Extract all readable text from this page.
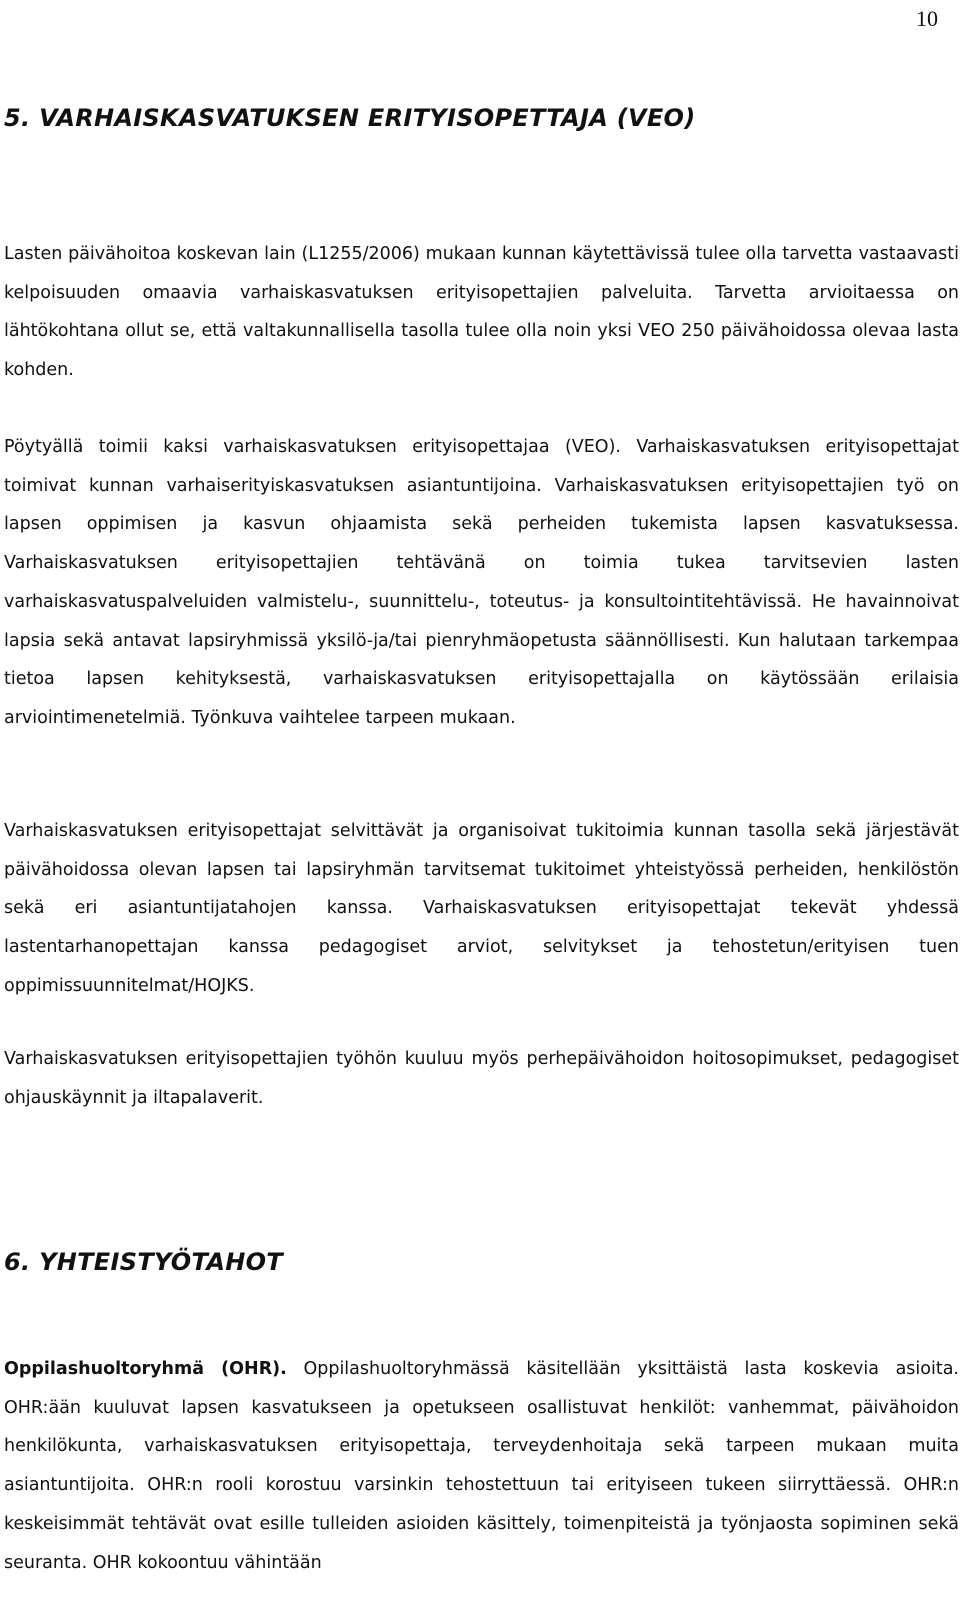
10
5. VARHAISKASVATUKSEN ERITYISOPETTAJA (VEO)

Lasten päivähoitoa koskevan lain (L1255/2006) mukaan kunnan käytettävissä tulee olla tarvetta vastaavasti kelpoisuuden omaavia varhaiskasvatuksen erityisopettajien palveluita. Tarvetta arvioitaessa on lähtökohtana ollut se, että valtakunnallisella tasolla tulee olla noin yksi VEO 250 päivähoidossa olevaa lasta kohden.

Pöytyällä toimii kaksi varhaiskasvatuksen erityisopettajaa (VEO). Varhaiskasvatuksen erityisopettajat toimivat kunnan varhaiserityiskasvatuksen asiantuntijoina. Varhaiskasvatuksen erityisopettajien työ on lapsen oppimisen ja kasvun ohjaamista sekä perheiden tukemista lapsen kasvatuksessa. Varhaiskasvatuksen erityisopettajien tehtävänä on toimia tukea tarvitsevien lasten varhaiskasvatuspalveluiden valmistelu-, suunnittelu-, toteutus- ja konsultointitehtävissä. He havainnoivat lapsia sekä antavat lapsiryhmissä yksilö-ja/tai pienryhmäopetusta säännöllisesti. Kun halutaan tarkempaa tietoa lapsen kehityksestä, varhaiskasvatuksen erityisopettajalla on käytössään erilaisia arviointimenetelmiä. Työnkuva vaihtelee tarpeen mukaan.

Varhaiskasvatuksen erityisopettajat selvittävät ja organisoivat tukitoimia kunnan tasolla sekä järjestävät päivähoidossa olevan lapsen tai lapsiryhmän tarvitsemat tukitoimet yhteistyössä perheiden, henkilöstön sekä eri asiantuntijatahojen kanssa. Varhaiskasvatuksen erityisopettajat tekevät yhdessä lastentarhanopettajan kanssa pedagogiset arviot, selvitykset ja tehostetun/erityisen tuen oppimissuunnitelmat/HOJKS.

Varhaiskasvatuksen erityisopettajien työhön kuuluu myös perhepäivähoidon hoitosopimukset, pedagogiset ohjauskäynnit ja iltapalaverit.

6. YHTEISTYÖTAHOT

Oppilashuoltoryhmä (OHR). Oppilashuoltoryhmässä käsitellään yksittäistä lasta koskevia asioita. OHR:ään kuuluvat lapsen kasvatukseen ja opetukseen osallistuvat henkilöt: vanhemmat, päivähoidon henkilökunta, varhaiskasvatuksen erityisopettaja, terveydenhoitaja sekä tarpeen mukaan muita asiantuntijoita. OHR:n rooli korostuu varsinkin tehostettuun tai erityiseen tukeen siirryttäessä. OHR:n keskeisimmät tehtävät ovat esille tulleiden asioiden käsittely, toimenpiteistä ja työnjaosta sopiminen sekä seuranta. OHR kokoontuu vähintään
